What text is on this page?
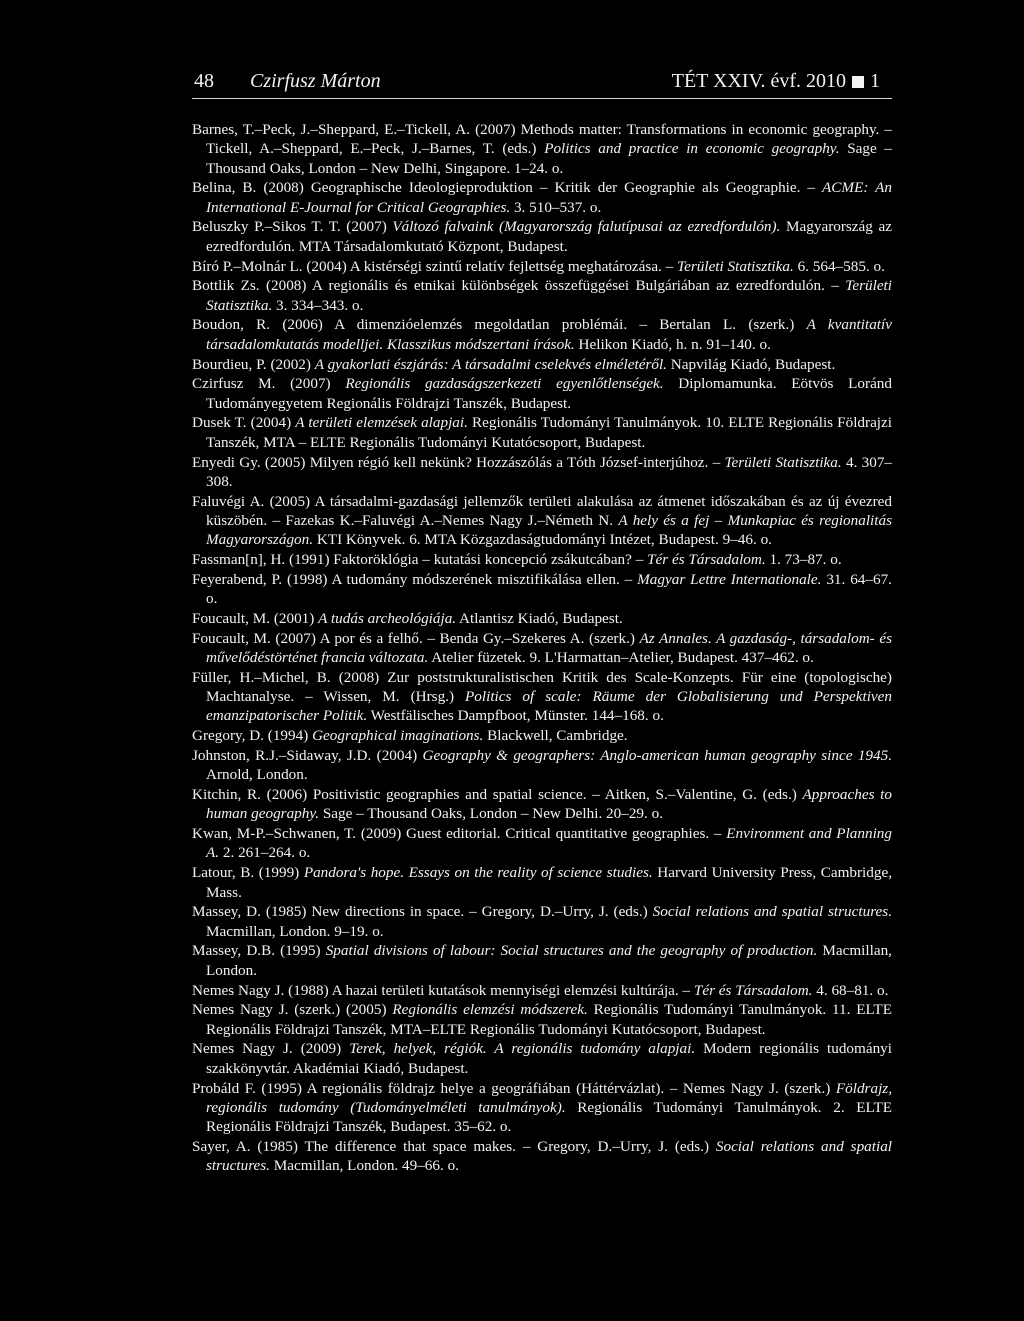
48 Czirfusz Márton	TÉT XXIV. évf. 2010 1
Barnes, T.–Peck, J.–Sheppard, E.–Tickell, A. (2007) Methods matter: Transformations in economic geography. – Tickell, A.–Sheppard, E.–Peck, J.–Barnes, T. (eds.) Politics and practice in economic geography. Sage – Thousand Oaks, London – New Delhi, Singapore. 1–24. o.
Belina, B. (2008) Geographische Ideologieproduktion – Kritik der Geographie als Geographie. – ACME: An International E-Journal for Critical Geographies. 3. 510–537. o.
Beluszky P.–Sikos T. T. (2007) Változó falvaink (Magyarország falutípusai az ezredfordulón). Magyarország az ezredfordulón. MTA Társadalomkutató Központ, Budapest.
Bíró P.–Molnár L. (2004) A kistérségi szintű relatív fejlettség meghatározása. – Területi Statisztika. 6. 564–585. o.
Bottlik Zs. (2008) A regionális és etnikai különbségek összefüggései Bulgáriában az ezredfordulón. – Területi Statisztika. 3. 334–343. o.
Boudon, R. (2006) A dimenzióelemzés megoldatlan problémái. – Bertalan L. (szerk.) A kvantitatív társadalomkutatás modelljei. Klasszikus módszertani írások. Helikon Kiadó, h. n. 91–140. o.
Bourdieu, P. (2002) A gyakorlati észjárás: A társadalmi cselekvés elméletéről. Napvilág Kiadó, Budapest.
Czirfusz M. (2007) Regionális gazdaságszerkezeti egyenlőtlenségek. Diplomamunka. Eötvös Loránd Tudományegyetem Regionális Földrajzi Tanszék, Budapest.
Dusek T. (2004) A területi elemzések alapjai. Regionális Tudományi Tanulmányok. 10. ELTE Regionális Földrajzi Tanszék, MTA – ELTE Regionális Tudományi Kutatócsoport, Budapest.
Enyedi Gy. (2005) Milyen régió kell nekünk? Hozzászólás a Tóth József-interjúhoz. – Területi Statisztika. 4. 307–308.
Faluvégi A. (2005) A társadalmi-gazdasági jellemzők területi alakulása az átmenet időszakában és az új évezred küszöbén. – Fazekas K.–Faluvégi A.–Nemes Nagy J.–Németh N. A hely és a fej – Munkapiac és regionalitás Magyarországon. KTI Könyvek. 6. MTA Közgazdaságtudományi Intézet, Budapest. 9–46. o.
Fassman[n], H. (1991) Faktoröklógia – kutatási koncepció zsákutcában? – Tér és Társadalom. 1. 73–87. o.
Feyerabend, P. (1998) A tudomány módszerének misztifikálása ellen. – Magyar Lettre Internationale. 31. 64–67. o.
Foucault, M. (2001) A tudás archeológiája. Atlantisz Kiadó, Budapest.
Foucault, M. (2007) A por és a felhő. – Benda Gy.–Szekeres A. (szerk.) Az Annales. A gazdaság-, társadalom- és művelődéstörténet francia változata. Atelier füzetek. 9. L'Harmattan–Atelier, Budapest. 437–462. o.
Füller, H.–Michel, B. (2008) Zur poststrukturalistischen Kritik des Scale-Konzepts. Für eine (topologische) Machtanalyse. – Wissen, M. (Hrsg.) Politics of scale: Räume der Globalisierung und Perspektiven emanzipatorischer Politik. Westfälisches Dampfboot, Münster. 144–168. o.
Gregory, D. (1994) Geographical imaginations. Blackwell, Cambridge.
Johnston, R.J.–Sidaway, J.D. (2004) Geography & geographers: Anglo-american human geography since 1945. Arnold, London.
Kitchin, R. (2006) Positivistic geographies and spatial science. – Aitken, S.–Valentine, G. (eds.) Approaches to human geography. Sage – Thousand Oaks, London – New Delhi. 20–29. o.
Kwan, M-P.–Schwanen, T. (2009) Guest editorial. Critical quantitative geographies. – Environment and Planning A. 2. 261–264. o.
Latour, B. (1999) Pandora's hope. Essays on the reality of science studies. Harvard University Press, Cambridge, Mass.
Massey, D. (1985) New directions in space. – Gregory, D.–Urry, J. (eds.) Social relations and spatial structures. Macmillan, London. 9–19. o.
Massey, D.B. (1995) Spatial divisions of labour: Social structures and the geography of production. Macmillan, London.
Nemes Nagy J. (1988) A hazai területi kutatások mennyiségi elemzési kultúrája. – Tér és Társadalom. 4. 68–81. o.
Nemes Nagy J. (szerk.) (2005) Regionális elemzési módszerek. Regionális Tudományi Tanulmányok. 11. ELTE Regionális Földrajzi Tanszék, MTA–ELTE Regionális Tudományi Kutatócsoport, Budapest.
Nemes Nagy J. (2009) Terek, helyek, régiók. A regionális tudomány alapjai. Modern regionális tudományi szakkönyvtár. Akadémiai Kiadó, Budapest.
Probáld F. (1995) A regionális földrajz helye a geográfiában (Háttérvázlat). – Nemes Nagy J. (szerk.) Földrajz, regionális tudomány (Tudományelméleti tanulmányok). Regionális Tudományi Tanulmányok. 2. ELTE Regionális Földrajzi Tanszék, Budapest. 35–62. o.
Sayer, A. (1985) The difference that space makes. – Gregory, D.–Urry, J. (eds.) Social relations and spatial structures. Macmillan, London. 49–66. o.
